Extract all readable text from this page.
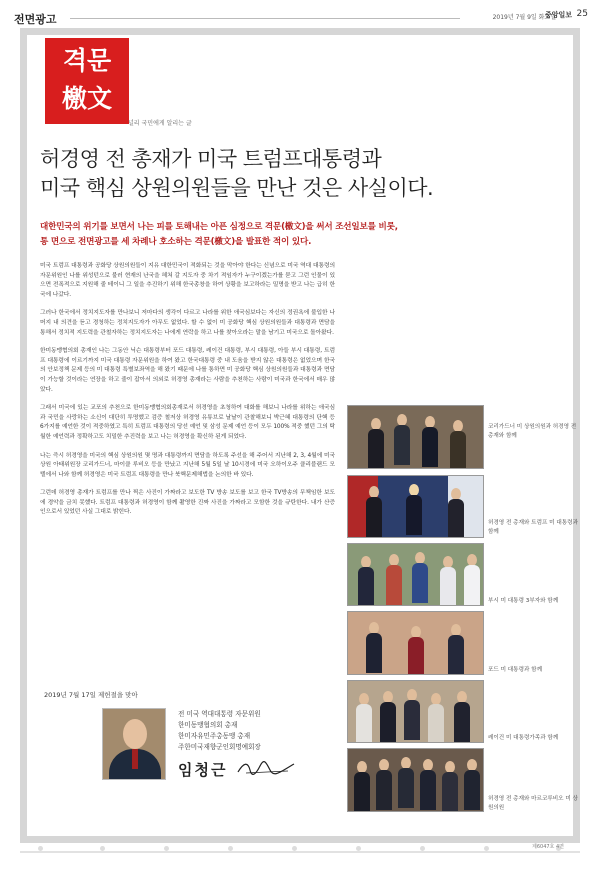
전면광고	2019년 7월 9일 화요일
중앙일보 25
격문
檄文
널리 국민에게 알리는 글
허경영 전 총재가 미국 트럼프대통령과
미국 핵심 상원의원들을 만난 것은 사실이다.
대한민국의 위기를 보면서 나는 피를 토해내는 아픈 심정으로 격문(檄文)을 써서 조선일보를 비롯,
통 면으로 전면광고를 세 차례나 호소하는 격문(檄文)을 발표한 적이 있다.

미국 트럼프 대통령과 공화당 상원의원들이 지유 대한민국이 적화되는 것을 막아야 한다는 신념으로 미국 역대 대통령의 자문위원인 나를 위성턴으로 불러 현재의 난국을 헤쳐 갈 지도자 중 차기 적임자가 누구이겠는가를 묻고 그런 인물이 있으면 전폭적으로 지원해 줄 테이니 그 일을 추진하기 위해 한국총창을 하여 상황을 보고하라는 밀명을 받고 나는 급히 한국에 나갔다.

그러나 한국에서 정치지도자를 만나보니 저마다의 생각이 다르고 나라를 위한 애국심보다는 자신의 정권욕에 불입한 나머지 내 의견을 듣고 경청하는 정치지도자가 아무도 없었다. 할 수 없이 미 공화당 핵심 상원의원들과 대통령과 면담을 통해서 정치적 지도력을 관철자하는 정치지도자는 나에게 연락을 하고 나를 찾아오라는 말을 남기고 미국으로 돌아왔다.

한미동맹협의회 총재인 나는 그동안 닉슨 대통령부터 포드 대통령, 레이건 대통령, 부시 대통령, 아들 부시 대통령, 트럼프 대통령에 이르기까지 미국 대통령 자문위원을 하여 왔고 한국대통령 중 내 도움을 받지 않은 대통령은 없었으며 한국의 안보정책 문제 등의 미 대통령 특별보좌역을 해 왔기 때문에 나를 통하면 미 공화당 핵심 상원의원들과 대통령과 면담이 가능할 것이라는 연장을 하고 줄이 잡아서 의외로 허경영 총재라는 사람을 추천하는 사람이 미국과 한국에서 매우 많았다.

그래서 미국에 있는 교포의 추천으로 한미동맹협의회총재로서 허경영을 초청하여 대화를 해보니 나라를 위하는 애국심과 국민을 사랑하는 소신이 대단히 투명했고 검증 철저상 허경영 유튜브로 날날이 관찰해보니 박근혜 대통령의 단핵 등 6가지를 예언한 것이 적중하였고 특히 트럼프 대통령의 당선 예언 및 삼성 문제 예언 등이 모두 100% 적중 했던 그의 탁월한 예언력과 정확하고도 치밀한 추진력을 보고 나는 허경영을 확신하 된게 되었다.

나는 즉시 허경영을 미국의 핵심 상원의원 몇 명과 대통령까지 면담을 하도록 주선을 해 주어서 지난해 2, 3, 4월에 미국 상원 아태위원장 코리가드너, 마이클 루비오 등을 만났고 지난해 5월 5일 날 10시경에 미국 오하이오주 클리블랜드 모텔에서 나와 함께 허경영은 미국 트럼프 대통령을 만나 북핵문제해법을 논의한 바 있다.

그런데 허경영 총재가 트럼프를 만나 찍은 사진이 가짜라고 보도한 TV 방송 보도를 보고 한국 TV방송의 무책임한 보도에 경악을 금치 못했다. 트럼프 대통령과 허경영이 함께 촬영한 진짜 사진을 가짜라고 모함한 것을 규탄한다. 내가 산증인으로서 있었던 사실 그대로 밝힌다.

2019년 7월 17일 제헌절을 맞아
전 미국 역대대통령 자문위원
한미동맹협의회 총재
한미자유민주총동맹 총재
주한미국재향군인회명예회장
임청근
코리가드너 미 상원의원과 허경영 전 총재와 함께
허경영 전 총재와 트럼프 미 대통령과 함께
부시 미 대통령 3부자와 함께
포드 미 대통령과 함께
레이건 미 대통령가족과 함께
허경영 전 총재와 마르코루비오 미 상원의원
제6047호 4면
